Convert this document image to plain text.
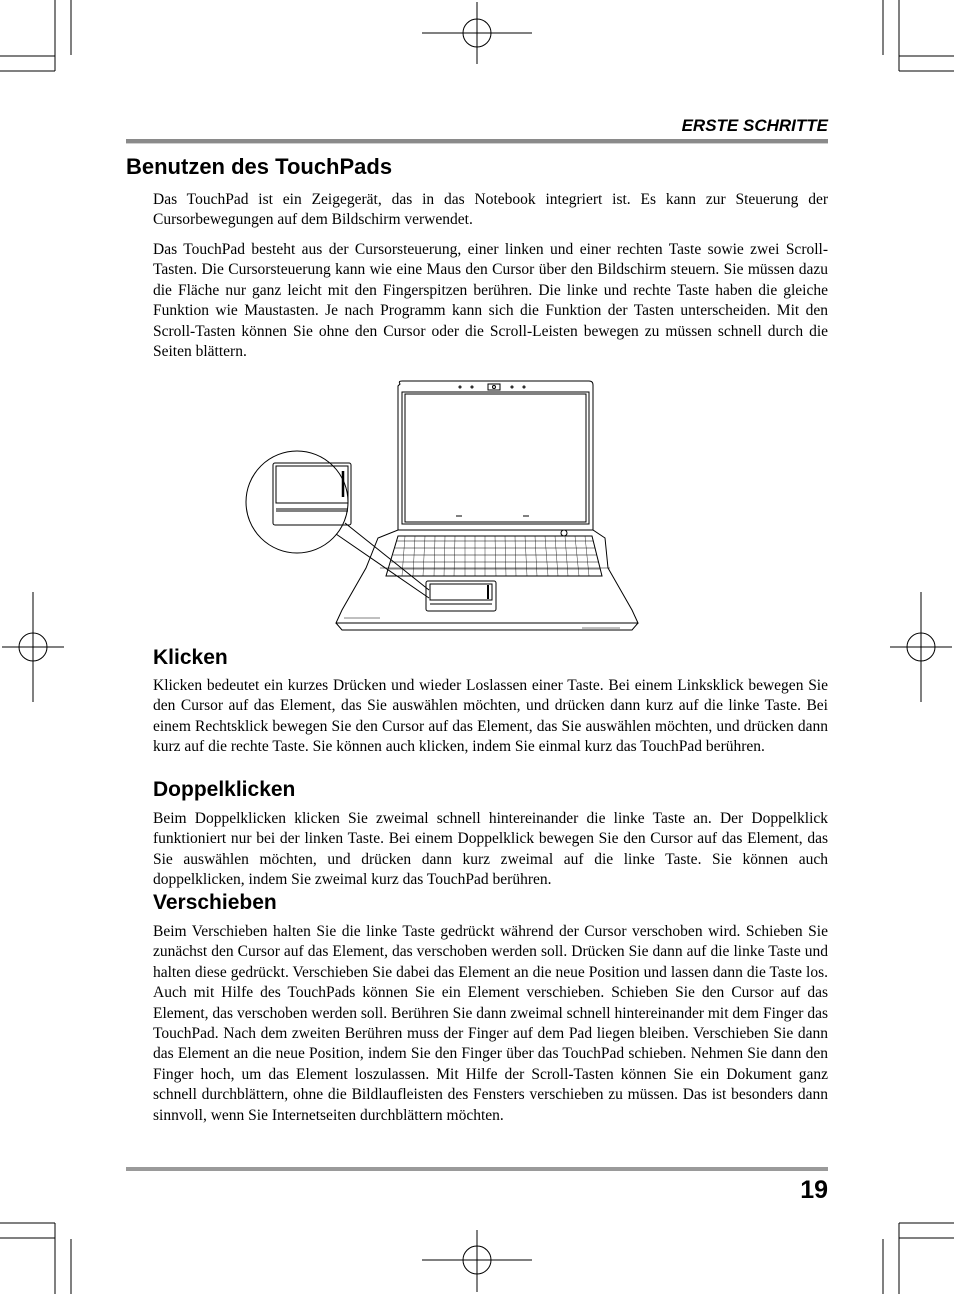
ERSTE SCHRITTE
Benutzen des TouchPads

Das TouchPad ist ein Zeigegerät, das in das Notebook integriert ist. Es kann zur Steuerung der Cursorbewegungen auf dem Bildschirm verwendet.

Das TouchPad besteht aus der Cursorsteuerung, einer linken und einer rechten Taste sowie zwei Scroll-Tasten. Die Cursorsteuerung kann wie eine Maus den Cursor über den Bildschirm steuern. Sie müssen dazu die Fläche nur ganz leicht mit den Fingerspitzen berühren. Die linke und rechte Taste haben die gleiche Funktion wie Maustasten. Je nach Programm kann sich die Funktion der Tasten unterscheiden. Mit den Scroll-Tasten können Sie ohne den Cursor oder die Scroll-Leisten bewegen zu müssen schnell durch die Seiten blättern.

Klicken

Klicken bedeutet ein kurzes Drücken und wieder Loslassen einer Taste. Bei einem Linksklick bewegen Sie den Cursor auf das Element, das Sie auswählen möchten, und drücken dann kurz auf die linke Taste. Bei einem Rechtsklick bewegen Sie den Cursor auf das Element, das Sie auswählen möchten, und drücken dann kurz auf die rechte Taste. Sie können auch klicken, indem Sie einmal kurz das TouchPad berühren.

Doppelklicken

Beim Doppelklicken klicken Sie zweimal schnell hintereinander die linke Taste an. Der Doppelklick funktioniert nur bei der linken Taste. Bei einem Doppelklick bewegen Sie den Cursor auf das Element, das Sie auswählen möchten, und drücken dann kurz zweimal auf die linke Taste. Sie können auch doppelklicken, indem Sie zweimal kurz das TouchPad berühren.

Verschieben

Beim Verschieben halten Sie die linke Taste gedrückt während der Cursor verschoben wird. Schieben Sie zunächst den Cursor auf das Element, das verschoben werden soll. Drücken Sie dann auf die linke Taste und halten diese gedrückt. Verschieben Sie dabei das Element an die neue Position und lassen dann die Taste los. Auch mit Hilfe des TouchPads können Sie ein Element verschieben. Schieben Sie den Cursor auf das Element, das verschoben werden soll. Berühren Sie dann zweimal schnell hintereinander mit dem Finger das TouchPad. Nach dem zweiten Berühren muss der Finger auf dem Pad liegen bleiben. Verschieben Sie dann das Element an die neue Position, indem Sie den Finger über das TouchPad schieben. Nehmen Sie dann den Finger hoch, um das Element loszulassen. Mit Hilfe der Scroll-Tasten können Sie ein Dokument ganz schnell durchblättern, ohne die Bildlaufleisten des Fensters verschieben zu müssen. Das ist besonders dann sinnvoll, wenn Sie Internetseiten durchblättern möchten.

19
